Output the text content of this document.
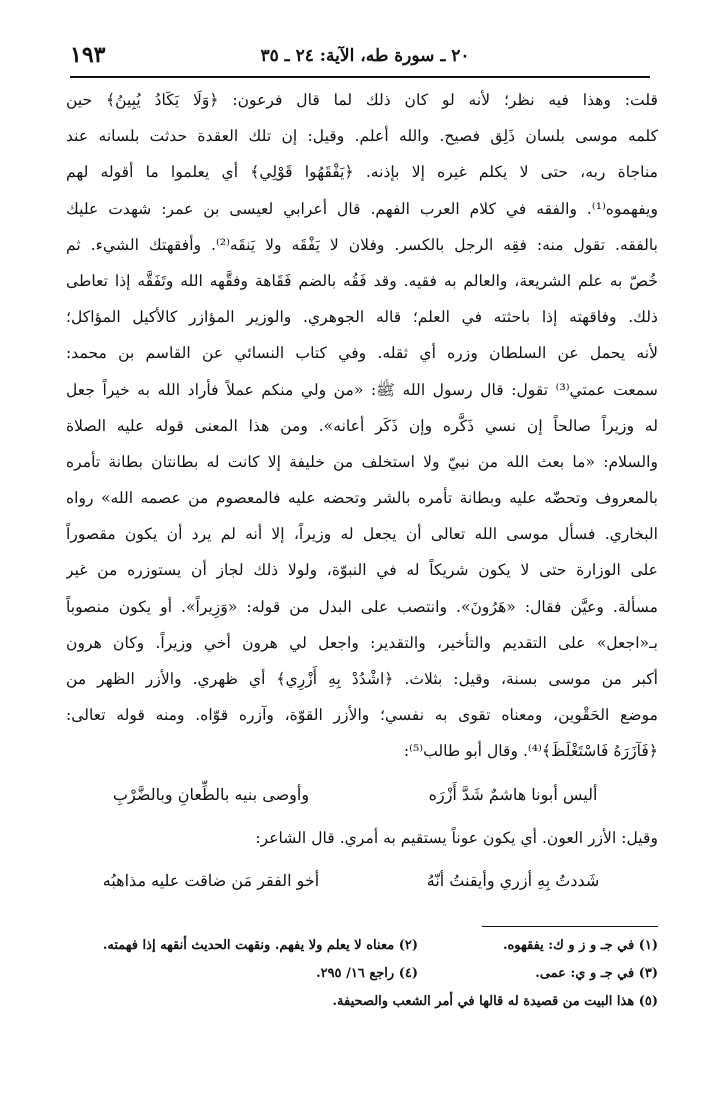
١٩٣	٢٠ ـ سورة طه، الآية: ٢٤ ـ ٣٥
قلت: وهذا فيه نظر؛ لأنه لو كان ذلك لما قال فرعون: ﴿وَلَا يَكَادُ يُبِينُ﴾ حين
كلمه موسى بلسان ذَلِق فصيح. والله أعلم. وقيل: إن تلك العقدة حدثت بلسانه عند
مناجاة ربه، حتى لا يكلم غيره إلا بإذنه. ﴿يَفْقَهُوا قَوْلِي﴾ أي يعلموا ما أقوله لهم
ويفهموه⁽¹⁾. والفقه في كلام العرب الفهم. قال أعرابي لعيسى بن عمر: شهدت عليك
بالفقه. تقول منه: فقِه الرجل بالكسر. وفلان لا يَفْقَه ولا يَنقَه⁽²⁾. وأفقهتك الشيء. ثم
خُصّ به علم الشريعة، والعالم به فقيه. وقد فَقُه بالضم فَقَاهة وفقَّهه الله وتَفَقَّه إذا تعاطى
ذلك. وفاقهته إذا باحثته في العلم؛ قاله الجوهري. والوزير المؤازر كالأكيل المؤاكل؛
لأنه يحمل عن السلطان وزره أي ثقله. وفي كتاب النسائي عن القاسم بن محمد:
سمعت عمتي⁽³⁾ تقول: قال رسول الله ﷺ: «من ولي منكم عملاً فأراد الله به خيراً جعل
له وزيراً صالحاً إن نسي ذَكَّره وإن ذَكَر أعانه». ومن هذا المعنى قوله عليه الصلاة
والسلام: «ما بعث الله من نبيّ ولا استخلف من خليفة إلا كانت له بطانتان بطانة تأمره
بالمعروف وتحضّه عليه وبطانة تأمره بالشر وتحضه عليه فالمعصوم من عصمه الله» رواه
البخاري. فسأل موسى الله تعالى أن يجعل له وزيراً، إلا أنه لم يرد أن يكون مقصوراً
على الوزارة حتى لا يكون شريكاً له في النبوّة، ولولا ذلك لجاز أن يستوزره من غير
مسألة. وعيَّن فقال: «هَرُونَ». وانتصب على البدل من قوله: «وَزِيراً». أو يكون منصوباً
بـ«اجعل» على التقديم والتأخير، والتقدير: واجعل لي هرون أخي وزيراً. وكان هرون
أكبر من موسى بسنة، وقيل: بثلاث. ﴿اشْدُدْ بِهِ أَزْرِي﴾ أي ظهري. والأزر الظهر من
موضع الحَقْوين، ومعناه تقوى به نفسي؛ والأزر القوّة، وآزره قوّاه. ومنه قوله تعالى:
﴿فَآزَرَهُ فَاسْتَغْلَظَ﴾⁽⁴⁾. وقال أبو طالب⁽⁵⁾:
أليس أبونا هاشمٌ شَدَّ أَزْرَه
وأوصى بنيه بالطِّعانِ وبالضَّرْبِ
وقيل: الأزر العون. أي يكون عوناً يستقيم به أمري. قال الشاعر:
شَددتُ بِهِ أزري وأيقنتُ أنّهُ
أخو الفقر مَن ضاقت عليه مذاهبُه
(١) في جـ و ز و ك: يفقهوه.
(٢) معناه لا يعلم ولا يفهم. ونقهت الحديث أنقهه إذا فهمته.
(٣) في جـ و ي: عمى.
(٤) راجع ١٦/ ٢٩٥.
(٥) هذا البيت من قصيدة له قالها في أمر الشعب والصحيفة.
